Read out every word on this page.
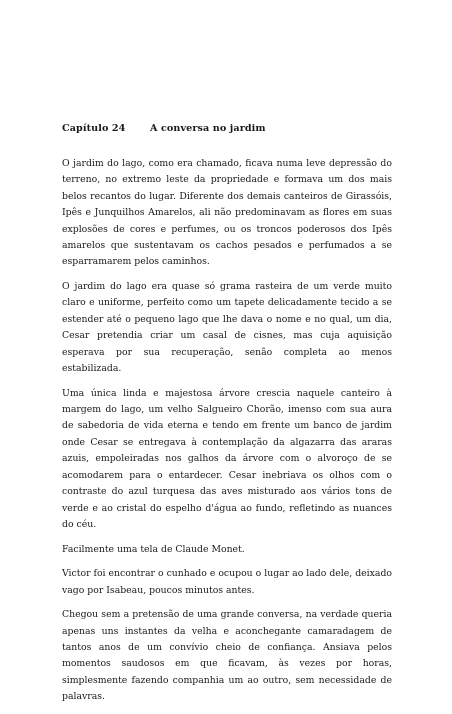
Capítulo 24	A conversa no jardim

O jardim do lago, como era chamado, ficava numa leve depressão do terreno, no extremo leste da propriedade e formava um dos mais belos recantos do lugar. Diferente dos demais canteiros de Girassóis, Ipês e Junquilhos Amarelos, ali não predominavam as flores em suas explosões de cores e perfumes, ou os troncos poderosos dos Ipês amarelos que sustentavam os cachos pesados e perfumados a se esparramarem pelos caminhos.

O jardim do lago era quase só grama rasteira de um verde muito claro e uniforme, perfeito como um tapete delicadamente tecido a se estender até o pequeno lago que lhe dava o nome e no qual, um dia, Cesar pretendia criar um casal de cisnes, mas cuja aquisição esperava por sua recuperação, senão completa ao menos estabilizada.

Uma única linda e majestosa árvore crescia naquele canteiro à margem do lago, um velho Salgueiro Chorão, imenso com sua aura de sabedoria de vida eterna e tendo em frente um banco de jardim onde Cesar se entregava à contemplação da algazarra das araras azuis, empoleiradas nos galhos da árvore com o alvoroço de se acomodarem para o entardecer. Cesar inebriava os olhos com o contraste do azul turquesa das aves misturado aos vários tons de verde e ao cristal do espelho d'água ao fundo, refletindo as nuances do céu.

Facilmente uma tela de Claude Monet.

Victor foi encontrar o cunhado e ocupou o lugar ao lado dele, deixado vago por Isabeau, poucos minutos antes.

Chegou sem a pretensão de uma grande conversa, na verdade queria apenas uns instantes da velha e aconchegante camaradagem de tantos anos de um convívio cheio de confiança. Ansiava pelos momentos saudosos em que ficavam, às vezes por horas, simplesmente fazendo companhia um ao outro, sem necessidade de palavras.
